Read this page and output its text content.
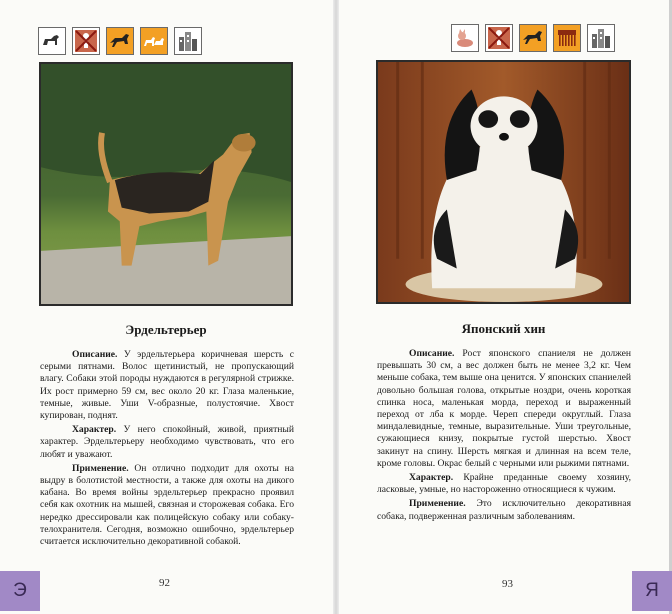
Эрдельтерьер

Описание. У эрдельтерьера коричневая шерсть с серыми пятнами. Волос щетинистый, не пропускающий влагу. Собаки этой породы нуждаются в регулярной стрижке. Их рост примерно 59 см, вес около 20 кг. Глаза маленькие, темные, живые. Уши V-образные, полустоячие. Хвост купирован, поднят.

Характер. У него спокойный, живой, приятный характер. Эрдельтерьеру необходимо чувствовать, что его любят и уважают.

Применение. Он отлично подходит для охоты на выдру в болотистой местности, а также для охоты на дикого кабана. Во время войны эрдельтерьер прекрасно проявил себя как охотник на мышей, связная и сторожевая собака. Его нередко дрессировали как полицейскую собаку или собаку-телохранителя. Сегодня, возможно ошибочно, эрдельтерьер считается исключительно декоративной собакой.

92
Э
Японский хин

Описание. Рост японского спаниеля не должен превышать 30 см, а вес должен быть не менее 3,2 кг. Чем меньше собака, тем выше она ценится. У японских спаниелей довольно большая голова, открытые ноздри, очень короткая спинка носа, маленькая морда, переход и выраженный переход от лба к морде. Череп спереди округлый. Глаза миндалевидные, темные, выразительные. Уши треугольные, сужающиеся книзу, покрытые густой шерстью. Хвост закинут на спину. Шерсть мягкая и длинная на всем теле, кроме головы. Окрас белый с черными или рыжими пятнами.

Характер. Крайне преданные своему хозяину, ласковые, умные, но настороженно относящиеся к чужим.

Применение. Это исключительно декоративная собака, подверженная различным заболеваниям.

93	Я
